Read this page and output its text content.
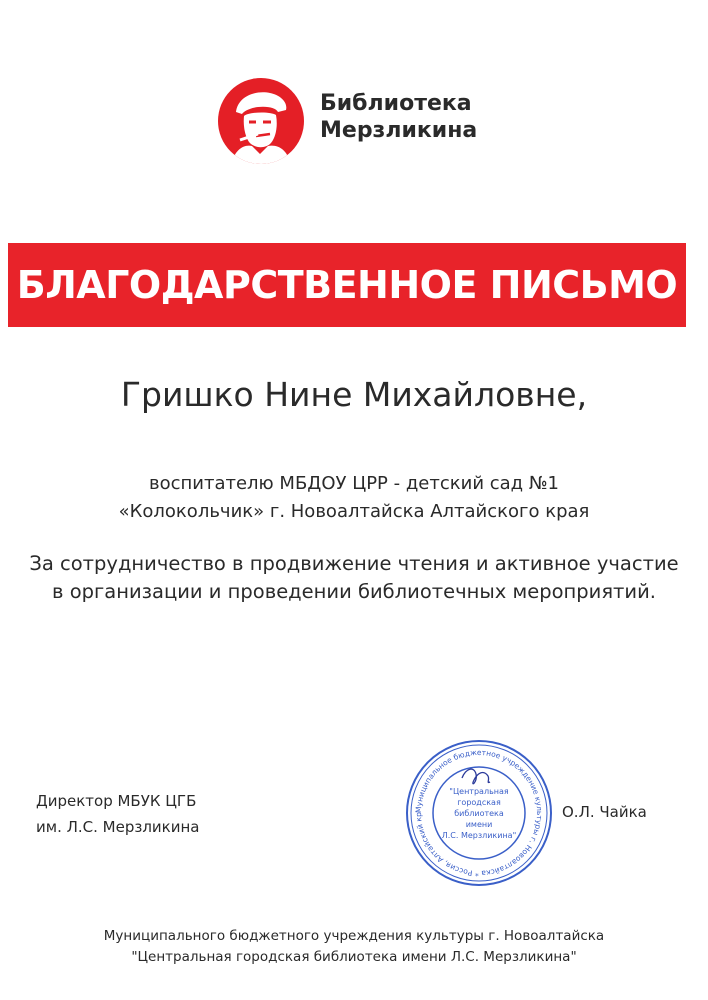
Библиотека
Мерзликина
БЛАГОДАРСТВЕННОЕ ПИСЬМО
Гришко Нине Михайловне,
воспитателю МБДОУ ЦРР - детский сад №1
«Колокольчик» г. Новоалтайска Алтайского края
За сотрудничество в продвижение чтения и активное участие
в организации и проведении библиотечных мероприятий.
Директор МБУК ЦГБ
им. Л.С. Мерзликина
Муниципальное бюджетное учреждение культуры г. Новоалтайска * Россия, Алтайский кр
"Центральная
городская
библиотека
имени
Л.С. Мерзликина"
О.Л. Чайка
Муниципального бюджетного учреждения культуры г. Новоалтайска
"Центральная городская библиотека имени Л.С. Мерзликина"
